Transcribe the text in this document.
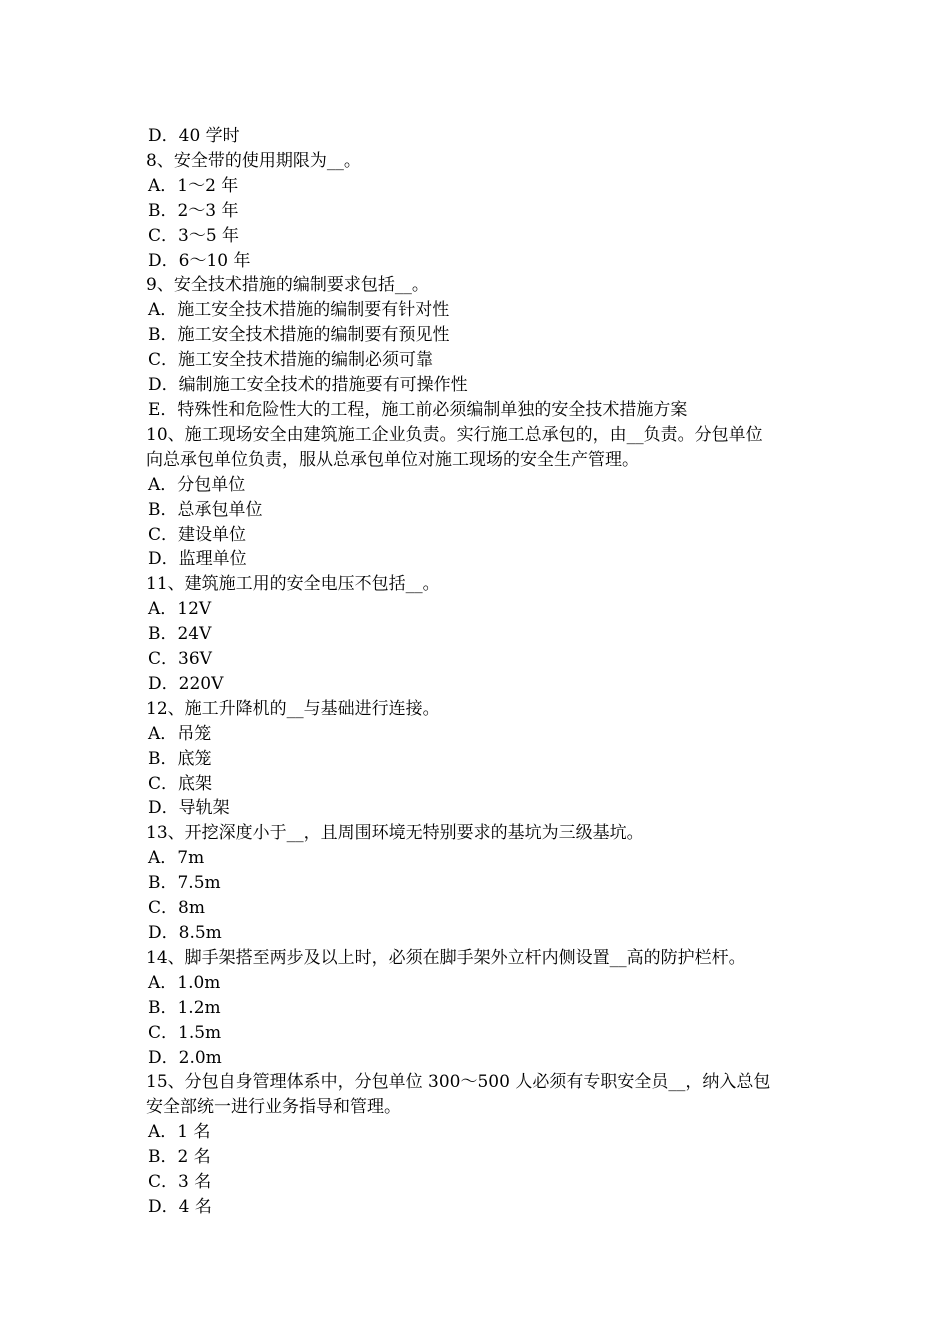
D．40 学时
8、安全带的使用期限为__。
A．1～2 年
B．2～3 年
C．3～5 年
D．6～10 年
9、安全技术措施的编制要求包括__。
A．施工安全技术措施的编制要有针对性
B．施工安全技术措施的编制要有预见性
C．施工安全技术措施的编制必须可靠
D．编制施工安全技术的措施要有可操作性
E．特殊性和危险性大的工程，施工前必须编制单独的安全技术措施方案
10、施工现场安全由建筑施工企业负责。实行施工总承包的，由__负责。分包单位
向总承包单位负责，服从总承包单位对施工现场的安全生产管理。
A．分包单位
B．总承包单位
C．建设单位
D．监理单位
11、建筑施工用的安全电压不包括__。
A．12V
B．24V
C．36V
D．220V
12、施工升降机的__与基础进行连接。
A．吊笼
B．底笼
C．底架
D．导轨架
13、开挖深度小于__，且周围环境无特别要求的基坑为三级基坑。
A．7m
B．7.5m
C．8m
D．8.5m
14、脚手架搭至两步及以上时，必须在脚手架外立杆内侧设置__高的防护栏杆。
A．1.0m
B．1.2m
C．1.5m
D．2.0m
15、分包自身管理体系中，分包单位 300～500 人必须有专职安全员__，纳入总包
安全部统一进行业务指导和管理。
A．1 名
B．2 名
C．3 名
D．4 名
